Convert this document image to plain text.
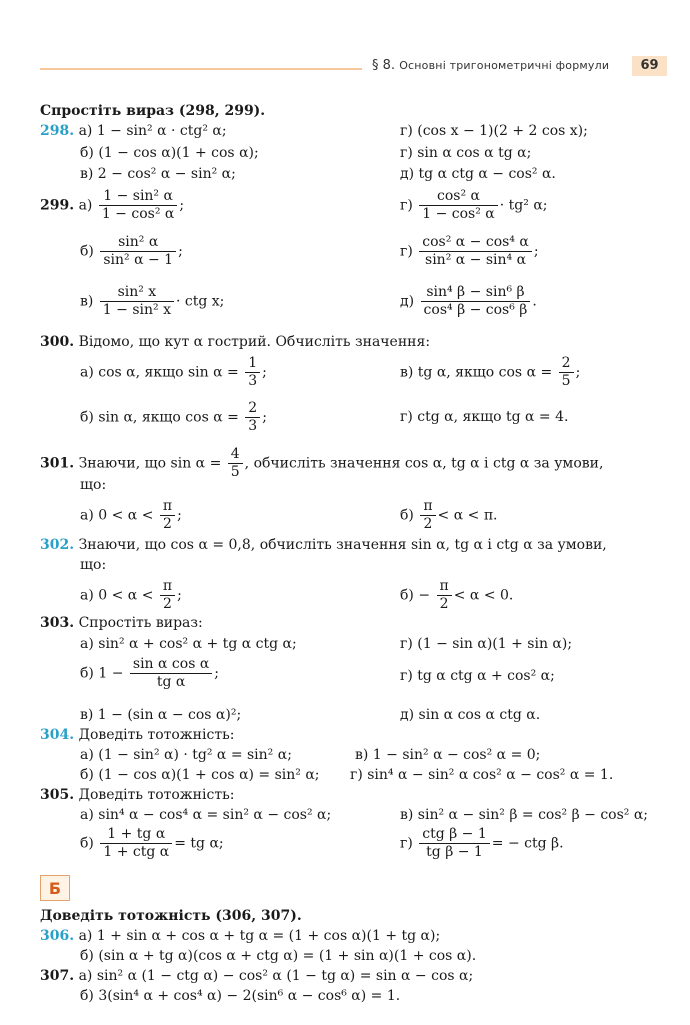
§ 8. Основні тригонометричні формули	69
Спростіть вираз (298, 299).
298. а) 1 − sin² α · ctg² α;	г) (cos x − 1)(2 + 2 cos x);
б) (1 − cos α)(1 + cos α);	г) sin α cos α tg α;
в) 2 − cos² α − sin² α;	д) tg α ctg α − cos² α.
299. $а) \frac{\text{1 − sin² α}}{\text{1 − cos² α}}$ ;	$г) \frac{\text{cos² α}}{\text{1 − cos² α}} \cdot tg^2$ α;
$б) \frac{\text{sin² α}}{\text{sin² α − 1}}$ ;	$г) \frac{\text{cos² α − cos⁴ α}}{\text{sin² α − sin⁴ α}}$ ;
$в) \frac{\text{sin² x}}{\text{1 − sin² x}}$ · ctg x;	$д) \frac{\text{sin⁴ β − sin⁶ β}}{\text{cos⁴ β − cos⁶ β}}$ .
300. Відомо, що кут α гострий. Обчисліть значення:
а) cos α, якщо $\sin \alpha = \frac{1}{3}$ ;	в) tg α, якщо $\cos \alpha = \frac{2}{5}$ ;
б) sin α, якщо $\cos \alpha = \frac{2}{3}$ ;	г) ctg α, якщо tg α = 4.
301. Знаючи, що $\sin \alpha = \frac{4}{5}$ , обчисліть значення cos α, tg α і ctg α за умови,
що:
а) $0 < \alpha < \frac{\pi}{2}$ ;	$б) \frac{\pi}{2} < \alpha < \pi$.
302. Знаючи, що cos α = 0,8, обчисліть значення sin α, tg α і ctg α за умови,
що:
а) $0 < \alpha < \frac{\pi}{2}$ ;	$б) - \frac{\pi}{2} < \alpha < 0$.
303. Спростіть вираз:
а) sin² α + cos² α + tg α ctg α;	г) (1 − sin α)(1 + sin α);
б) $1 - \frac{\text{sin α cos α}}{\text{tg α}}$ ;	г) tg α ctg α + cos² α;
в) 1 − (sin α − cos α)²;	д) sin α cos α ctg α.
304. Доведіть тотожність:
а) (1 − sin² α) · tg² α = sin² α;	в) 1 − sin² α − cos² α = 0;
б) (1 − cos α)(1 + cos α) = sin² α; г) sin⁴ α − sin² α cos² α − cos² α = 1.
305. Доведіть тотожність:
а) sin⁴ α − cos⁴ α = sin² α − cos² α;	в) sin² α − sin² β = cos² β − cos² α;
$б) \frac{\text{1 + tg α}}{\text{1 + ctg α}}$ = tg α;	$г) \frac{\text{ctg β − 1}}{\text{tg β − 1}}$ = − ctg β.
Б
Доведіть тотожність (306, 307).
306. а) 1 + sin α + cos α + tg α = (1 + cos α)(1 + tg α);
б) (sin α + tg α)(cos α + ctg α) = (1 + sin α)(1 + cos α).
307. а) sin² α (1 − ctg α) − cos² α (1 − tg α) = sin α − cos α;
б) 3(sin⁴ α + cos⁴ α) − 2(sin⁶ α − cos⁶ α) = 1.
